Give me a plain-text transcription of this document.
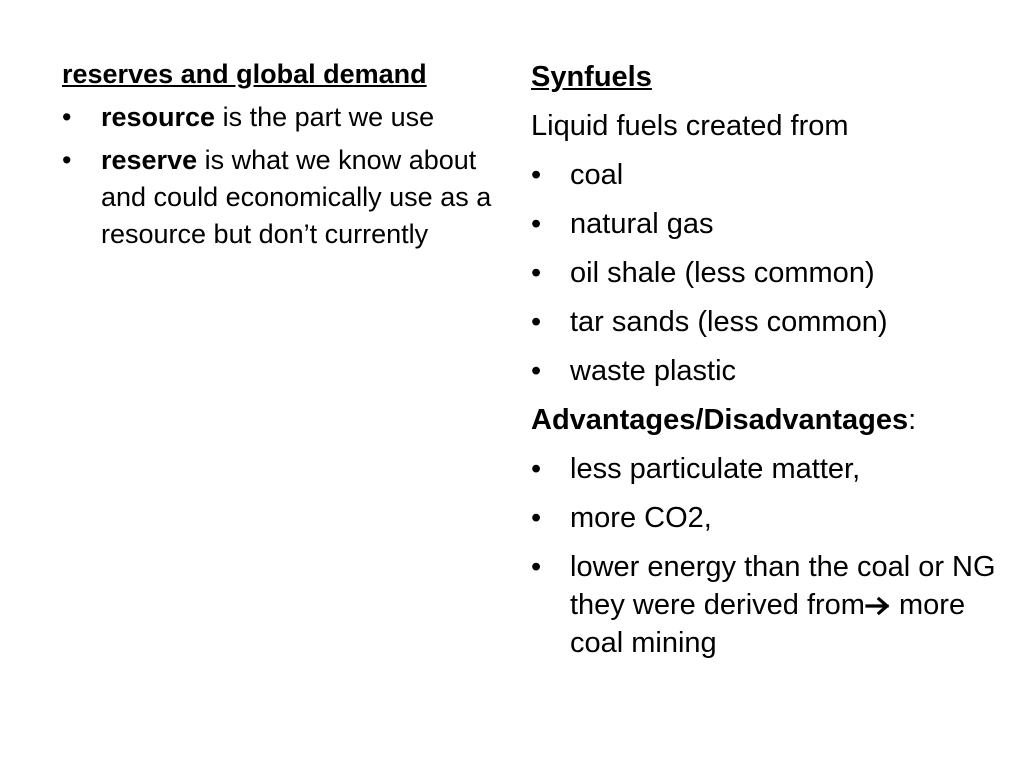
reserves and global demand
•	resource is the part we use
•	reserve is what we know about and could economically use as a resource but don’t currently
Synfuels
Liquid fuels created from
• coal
• natural gas
• oil shale (less common)
• tar sands (less common)
• waste plastic
Advantages/Disadvantages:
• less particulate matter,
• more CO2,
• lower energy than the coal or NG they were derived from more coal mining
